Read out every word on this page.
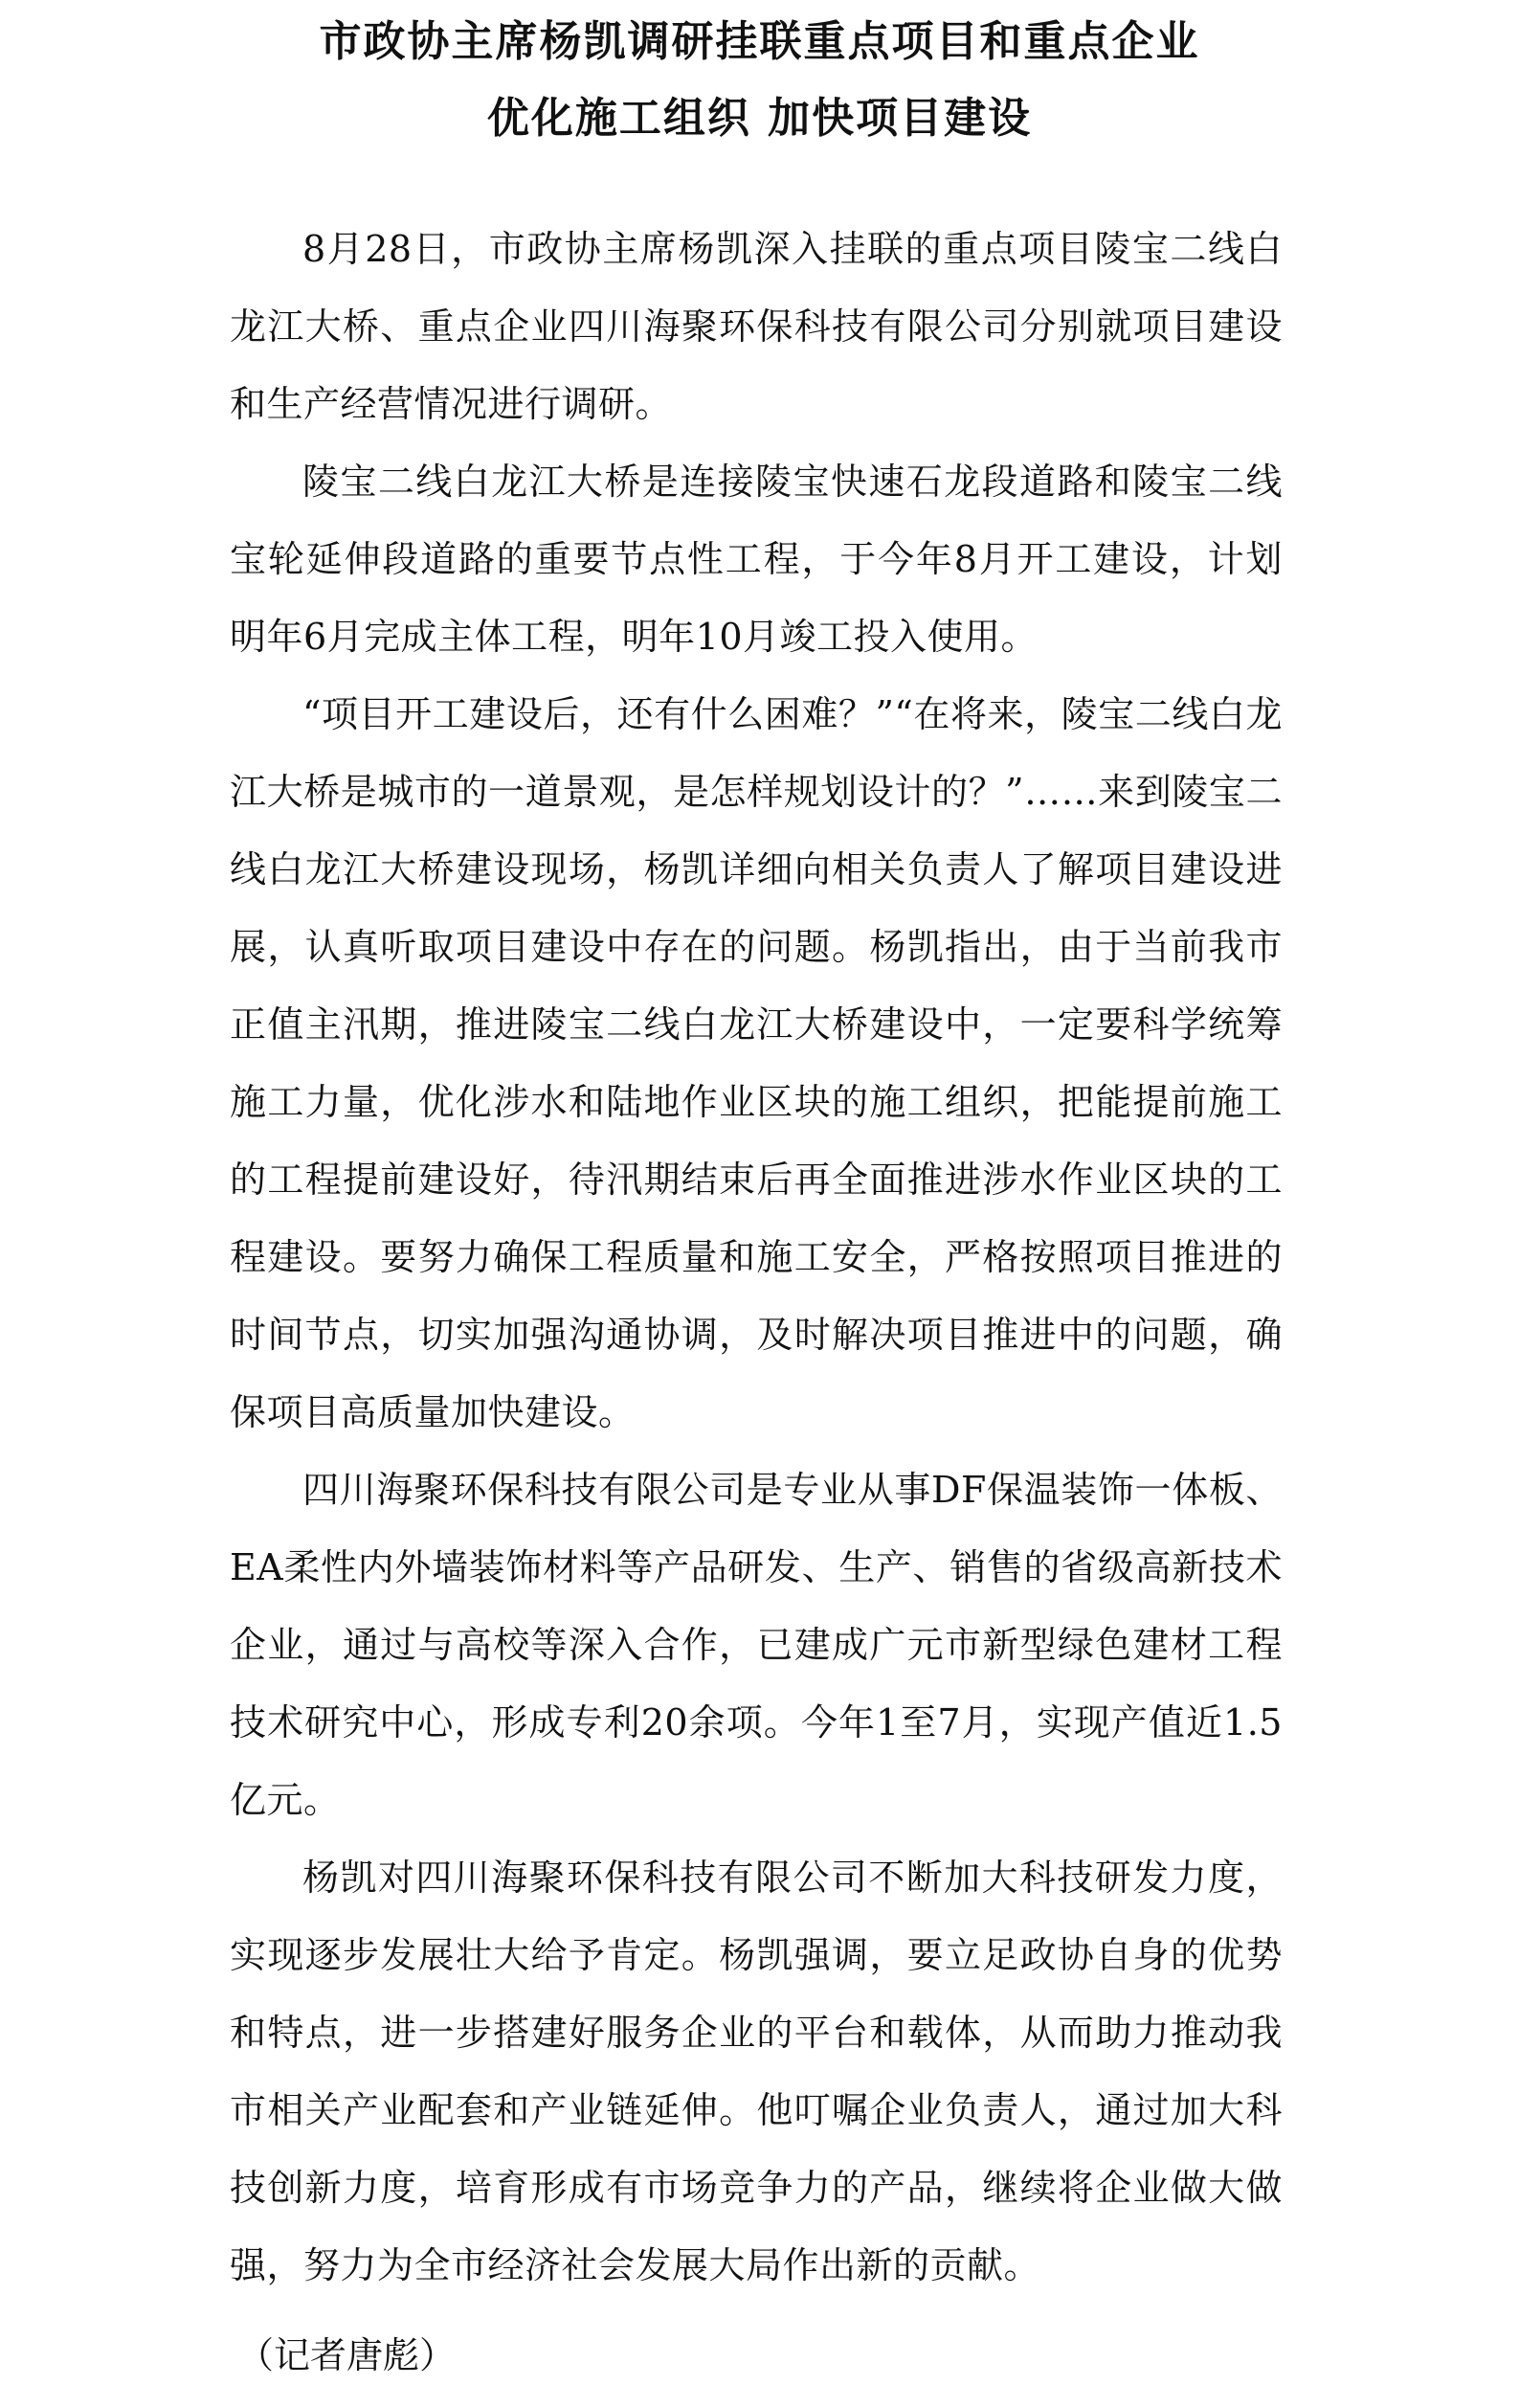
市政协主席杨凯调研挂联重点项目和重点企业
优化施工组织 加快项目建设

8月28日，市政协主席杨凯深入挂联的重点项目陵宝二线白龙江大桥、重点企业四川海聚环保科技有限公司分别就项目建设和生产经营情况进行调研。

陵宝二线白龙江大桥是连接陵宝快速石龙段道路和陵宝二线宝轮延伸段道路的重要节点性工程，于今年8月开工建设，计划明年6月完成主体工程，明年10月竣工投入使用。

“项目开工建设后，还有什么困难？”“在将来，陵宝二线白龙江大桥是城市的一道景观，是怎样规划设计的？”……来到陵宝二线白龙江大桥建设现场，杨凯详细向相关负责人了解项目建设进展，认真听取项目建设中存在的问题。杨凯指出，由于当前我市正值主汛期，推进陵宝二线白龙江大桥建设中，一定要科学统筹施工力量，优化涉水和陆地作业区块的施工组织，把能提前施工的工程提前建设好，待汛期结束后再全面推进涉水作业区块的工程建设。要努力确保工程质量和施工安全，严格按照项目推进的时间节点，切实加强沟通协调，及时解决项目推进中的问题，确保项目高质量加快建设。

四川海聚环保科技有限公司是专业从事DF保温装饰一体板、EA柔性内外墙装饰材料等产品研发、生产、销售的省级高新技术企业，通过与高校等深入合作，已建成广元市新型绿色建材工程技术研究中心，形成专利20余项。今年1至7月，实现产值近1.5亿元。

杨凯对四川海聚环保科技有限公司不断加大科技研发力度，实现逐步发展壮大给予肯定。杨凯强调，要立足政协自身的优势和特点，进一步搭建好服务企业的平台和载体，从而助力推动我市相关产业配套和产业链延伸。他叮嘱企业负责人，通过加大科技创新力度，培育形成有市场竞争力的产品，继续将企业做大做强，努力为全市经济社会发展大局作出新的贡献。

（记者唐彪）
